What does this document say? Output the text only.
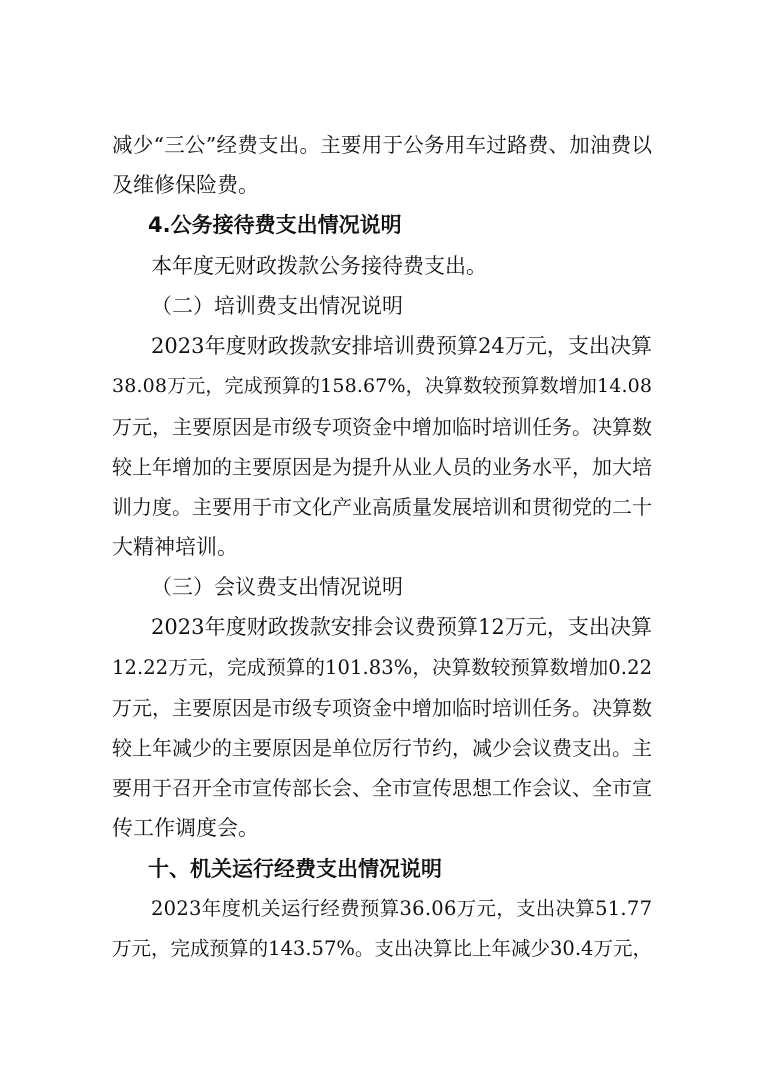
减少“三公”经费支出。主要用于公务用车过路费、加油费以
及维修保险费。
4.公务接待费支出情况说明
本年度无财政拨款公务接待费支出。
（二）培训费支出情况说明
2023年度财政拨款安排培训费预算24万元，支出决算
38.08万元，完成预算的158.67%，决算数较预算数增加14.08
万元，主要原因是市级专项资金中增加临时培训任务。决算数
较上年增加的主要原因是为提升从业人员的业务水平，加大培
训力度。主要用于市文化产业高质量发展培训和贯彻党的二十
大精神培训。
（三）会议费支出情况说明
2023年度财政拨款安排会议费预算12万元，支出决算
12.22万元，完成预算的101.83%，决算数较预算数增加0.22
万元，主要原因是市级专项资金中增加临时培训任务。决算数
较上年减少的主要原因是单位厉行节约，减少会议费支出。主
要用于召开全市宣传部长会、全市宣传思想工作会议、全市宣
传工作调度会。
十、机关运行经费支出情况说明
2023年度机关运行经费预算36.06万元，支出决算51.77
万元，完成预算的143.57%。支出决算比上年减少30.4万元，
